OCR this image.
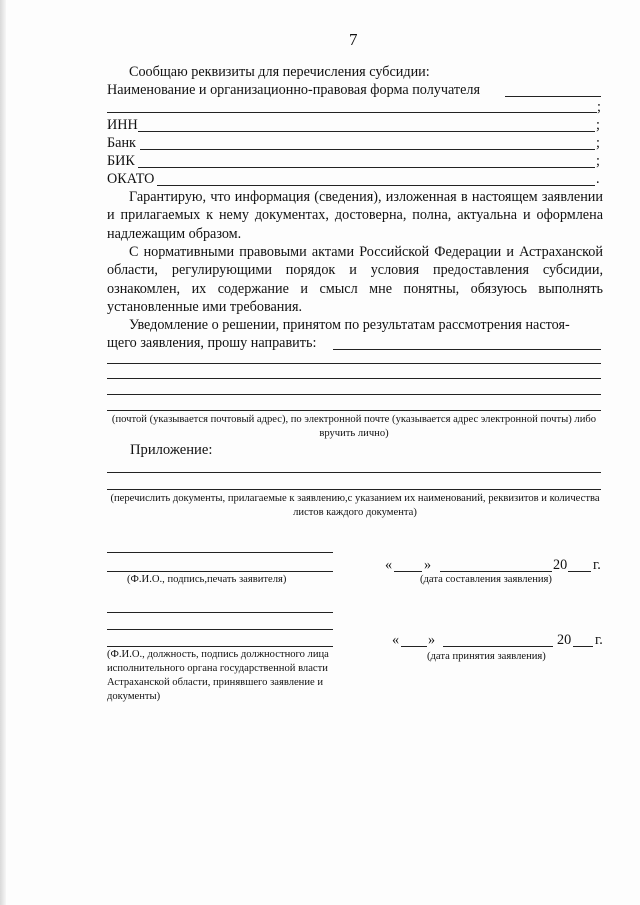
7
Сообщаю реквизиты для перечисления субсидии:
Наименование и организационно-правовая форма получателя
;
ИНН	;
Банк	;
БИК	;
ОКАТО	.
Гарантирую, что информация (сведения), изложенная в настоящем заявлении и прилагаемых к нему документах, достоверна, полна, актуальна и оформлена надлежащим образом.
С нормативными правовыми актами Российской Федерации и Астраханской области, регулирующими порядок и условия предоставления субсидии, ознакомлен, их содержание и смысл мне понятны, обязуюсь выполнять установленные ими требования.
Уведомление о решении, принятом по результатам рассмотрения настоя-
щего заявления, прошу направить:
(почтой (указывается почтовый адрес), по электронной почте (указывается адрес электронной почты) либо вручить лично)
Приложение:
(перечислить документы, прилагаемые к заявлению,с указанием их наименований, реквизитов и количества листов каждого документа)
(Ф.И.О., подпись,печать заявителя)
« »	20 г.
(дата составления заявления)
(Ф.И.О., должность, подпись должностного лица исполнительного органа государственной власти Астраханской области, принявшего заявление и документы)
« »	20 г.
(дата принятия заявления)
